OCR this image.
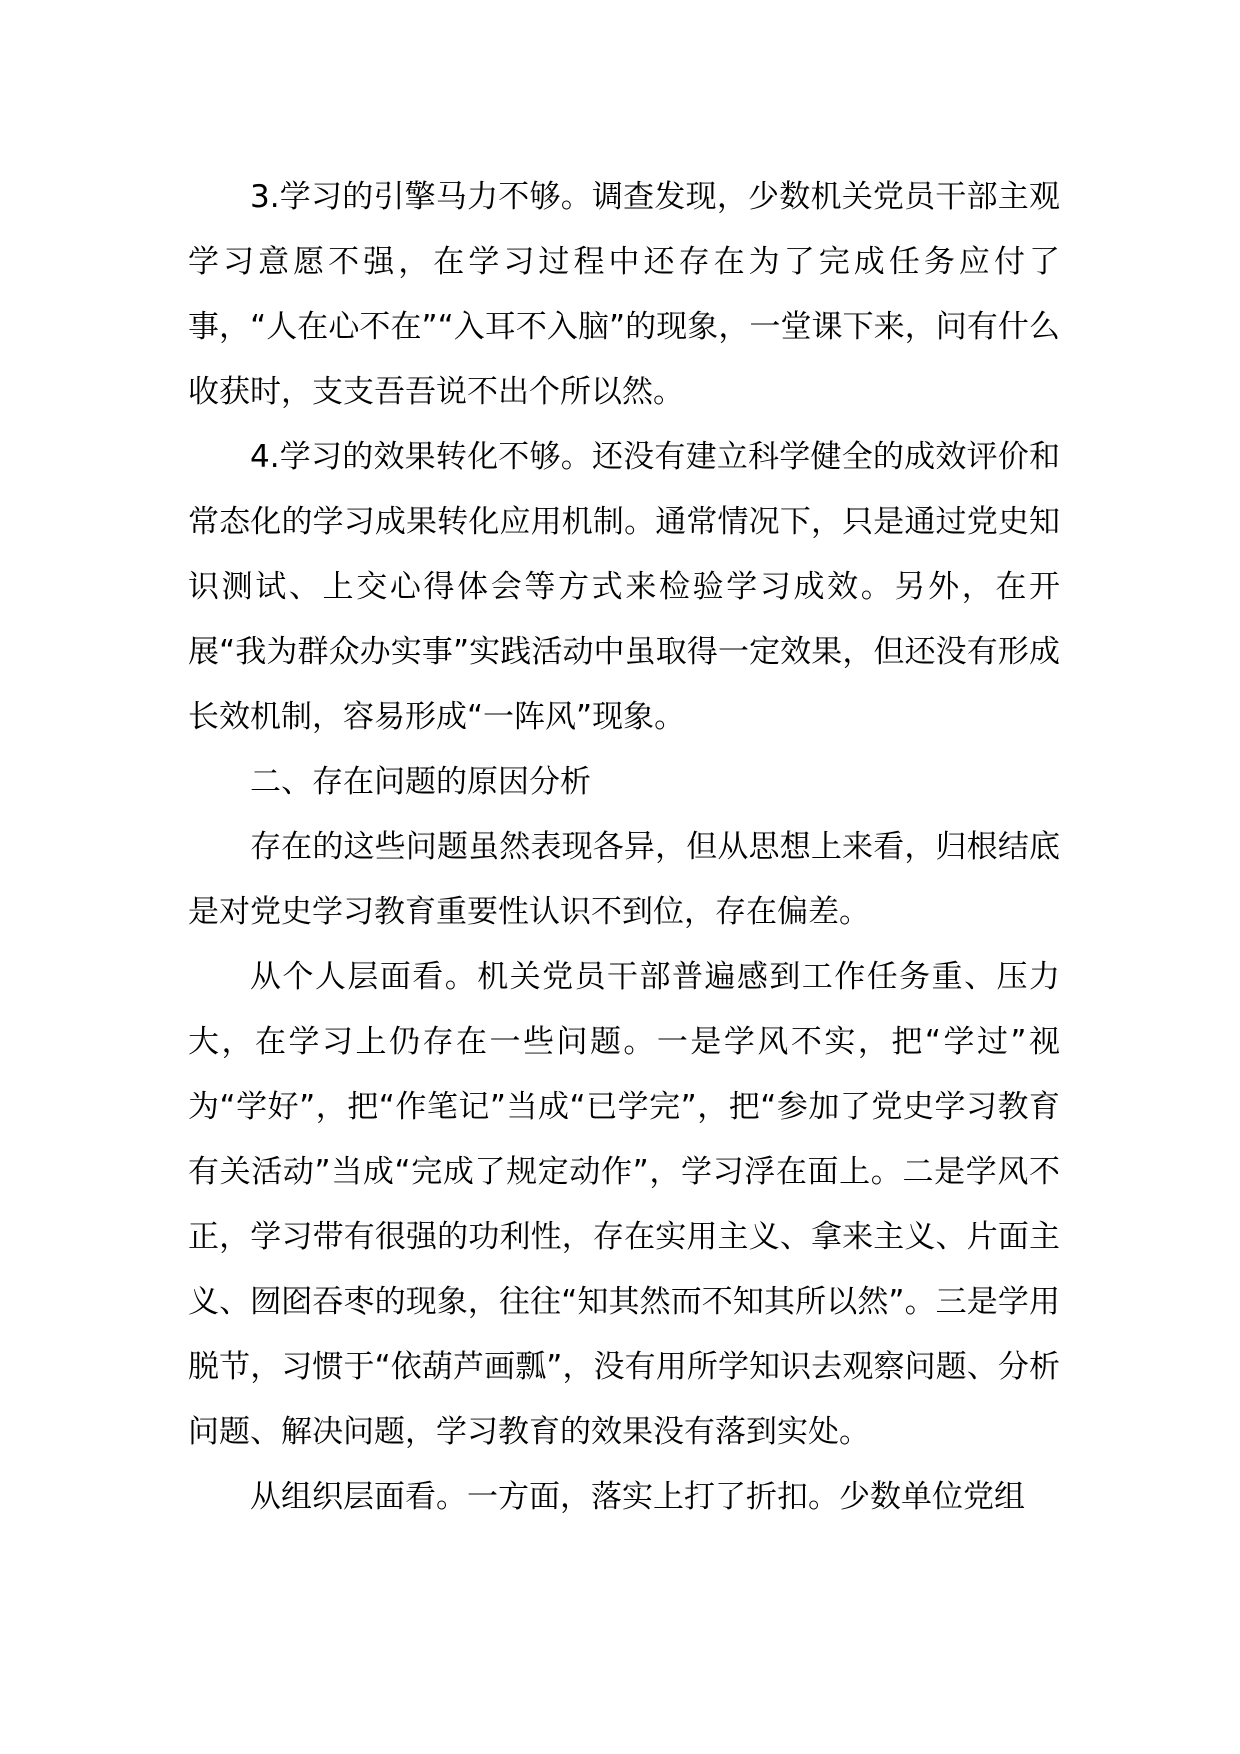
3.学习的引擎马力不够。调查发现，少数机关党员干部主观学习意愿不强，在学习过程中还存在为了完成任务应付了事，“人在心不在”“入耳不入脑”的现象，一堂课下来，问有什么收获时，支支吾吾说不出个所以然。

4.学习的效果转化不够。还没有建立科学健全的成效评价和常态化的学习成果转化应用机制。通常情况下，只是通过党史知识测试、上交心得体会等方式来检验学习成效。另外，在开展“我为群众办实事”实践活动中虽取得一定效果，但还没有形成长效机制，容易形成“一阵风”现象。

二、存在问题的原因分析

存在的这些问题虽然表现各异，但从思想上来看，归根结底是对党史学习教育重要性认识不到位，存在偏差。

从个人层面看。机关党员干部普遍感到工作任务重、压力大，在学习上仍存在一些问题。一是学风不实，把“学过”视为“学好”，把“作笔记”当成“已学完”，把“参加了党史学习教育有关活动”当成“完成了规定动作”，学习浮在面上。二是学风不正，学习带有很强的功利性，存在实用主义、拿来主义、片面主义、囫囵吞枣的现象，往往“知其然而不知其所以然”。三是学用脱节，习惯于“依葫芦画瓢”，没有用所学知识去观察问题、分析问题、解决问题，学习教育的效果没有落到实处。

从组织层面看。一方面，落实上打了折扣。少数单位党组
